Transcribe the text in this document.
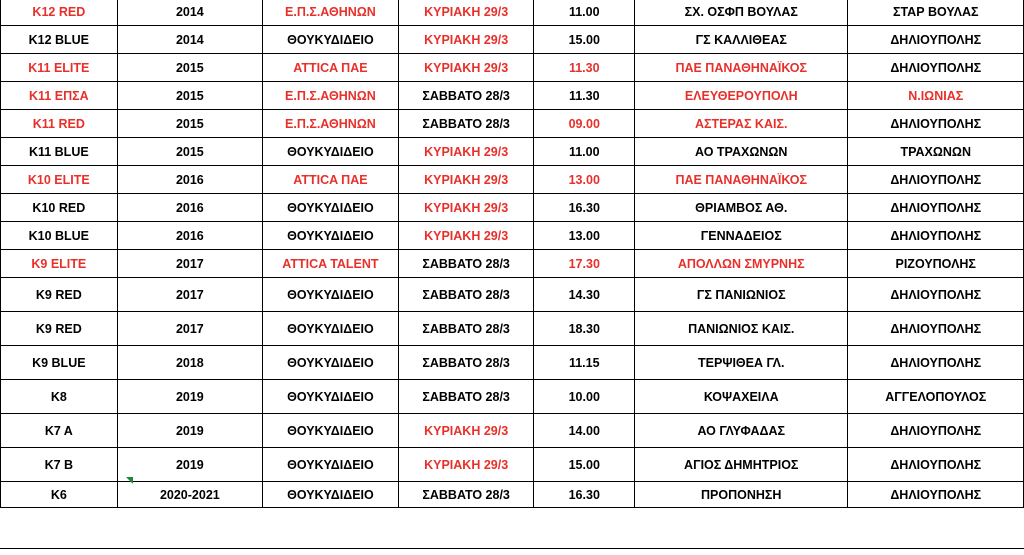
K12 RED	2014	Ε.Π.Σ.ΑΘΗΝΩΝ	ΚΥΡΙΑΚΗ 29/3	11.00	ΣΧ. ΟΣΦΠ ΒΟΥΛΑΣ	ΣΤΑΡ ΒΟΥΛΑΣ
K12 BLUE	2014	ΘΟΥΚΥΔΙΔΕΙΟ	ΚΥΡΙΑΚΗ 29/3	15.00	ΓΣ ΚΑΛΛΙΘΕΑΣ	ΔΗΛΙΟΥΠΟΛΗΣ
K11 ELITE	2015	ATTICA ΠΑΕ	ΚΥΡΙΑΚΗ 29/3	11.30	ΠΑΕ ΠΑΝΑΘΗΝΑΪΚΟΣ	ΔΗΛΙΟΥΠΟΛΗΣ
K11 ΕΠΣΑ	2015	Ε.Π.Σ.ΑΘΗΝΩΝ	ΣΑΒΒΑΤΟ 28/3	11.30	ΕΛΕΥΘΕΡΟΥΠΟΛΗ	Ν.ΙΩΝΙΑΣ
K11 RED	2015	Ε.Π.Σ.ΑΘΗΝΩΝ	ΣΑΒΒΑΤΟ 28/3	09.00	ΑΣΤΕΡΑΣ ΚΑΙΣ.	ΔΗΛΙΟΥΠΟΛΗΣ
K11 BLUE	2015	ΘΟΥΚΥΔΙΔΕΙΟ	ΚΥΡΙΑΚΗ 29/3	11.00	ΑΟ ΤΡΑΧΩΝΩΝ	ΤΡΑΧΩΝΩΝ
K10 ELITE	2016	ATTICA ΠΑΕ	ΚΥΡΙΑΚΗ 29/3	13.00	ΠΑΕ ΠΑΝΑΘΗΝΑΪΚΟΣ	ΔΗΛΙΟΥΠΟΛΗΣ
K10 RED	2016	ΘΟΥΚΥΔΙΔΕΙΟ	ΚΥΡΙΑΚΗ 29/3	16.30	ΘΡΙΑΜΒΟΣ ΑΘ.	ΔΗΛΙΟΥΠΟΛΗΣ
K10 BLUE	2016	ΘΟΥΚΥΔΙΔΕΙΟ	ΚΥΡΙΑΚΗ 29/3	13.00	ΓΕΝΝΑΔΕΙΟΣ	ΔΗΛΙΟΥΠΟΛΗΣ
K9 ELITE	2017	ATTICA TALENT	ΣΑΒΒΑΤΟ 28/3	17.30	ΑΠΟΛΛΩΝ ΣΜΥΡΝΗΣ	ΡΙΖΟΥΠΟΛΗΣ
K9 RED	2017	ΘΟΥΚΥΔΙΔΕΙΟ	ΣΑΒΒΑΤΟ 28/3	14.30	ΓΣ ΠΑΝΙΩΝΙΟΣ	ΔΗΛΙΟΥΠΟΛΗΣ
K9 RED	2017	ΘΟΥΚΥΔΙΔΕΙΟ	ΣΑΒΒΑΤΟ 28/3	18.30	ΠΑΝΙΩΝΙΟΣ ΚΑΙΣ.	ΔΗΛΙΟΥΠΟΛΗΣ
K9 BLUE	2018	ΘΟΥΚΥΔΙΔΕΙΟ	ΣΑΒΒΑΤΟ 28/3	11.15	ΤΕΡΨΙΘΕΑ ΓΛ.	ΔΗΛΙΟΥΠΟΛΗΣ
K8	2019	ΘΟΥΚΥΔΙΔΕΙΟ	ΣΑΒΒΑΤΟ 28/3	10.00	ΚΟΨΑΧΕΙΛΑ	ΑΓΓΕΛΟΠΟΥΛΟΣ
K7 A	2019	ΘΟΥΚΥΔΙΔΕΙΟ	ΚΥΡΙΑΚΗ 29/3	14.00	ΑΟ ΓΛΥΦΑΔΑΣ	ΔΗΛΙΟΥΠΟΛΗΣ
K7 B	2019	ΘΟΥΚΥΔΙΔΕΙΟ	ΚΥΡΙΑΚΗ 29/3	15.00	ΑΓΙΟΣ ΔΗΜΗΤΡΙΟΣ	ΔΗΛΙΟΥΠΟΛΗΣ
K6	2020-2021	ΘΟΥΚΥΔΙΔΕΙΟ	ΣΑΒΒΑΤΟ 28/3	16.30	ΠΡΟΠΟΝΗΣΗ	ΔΗΛΙΟΥΠΟΛΗΣ
